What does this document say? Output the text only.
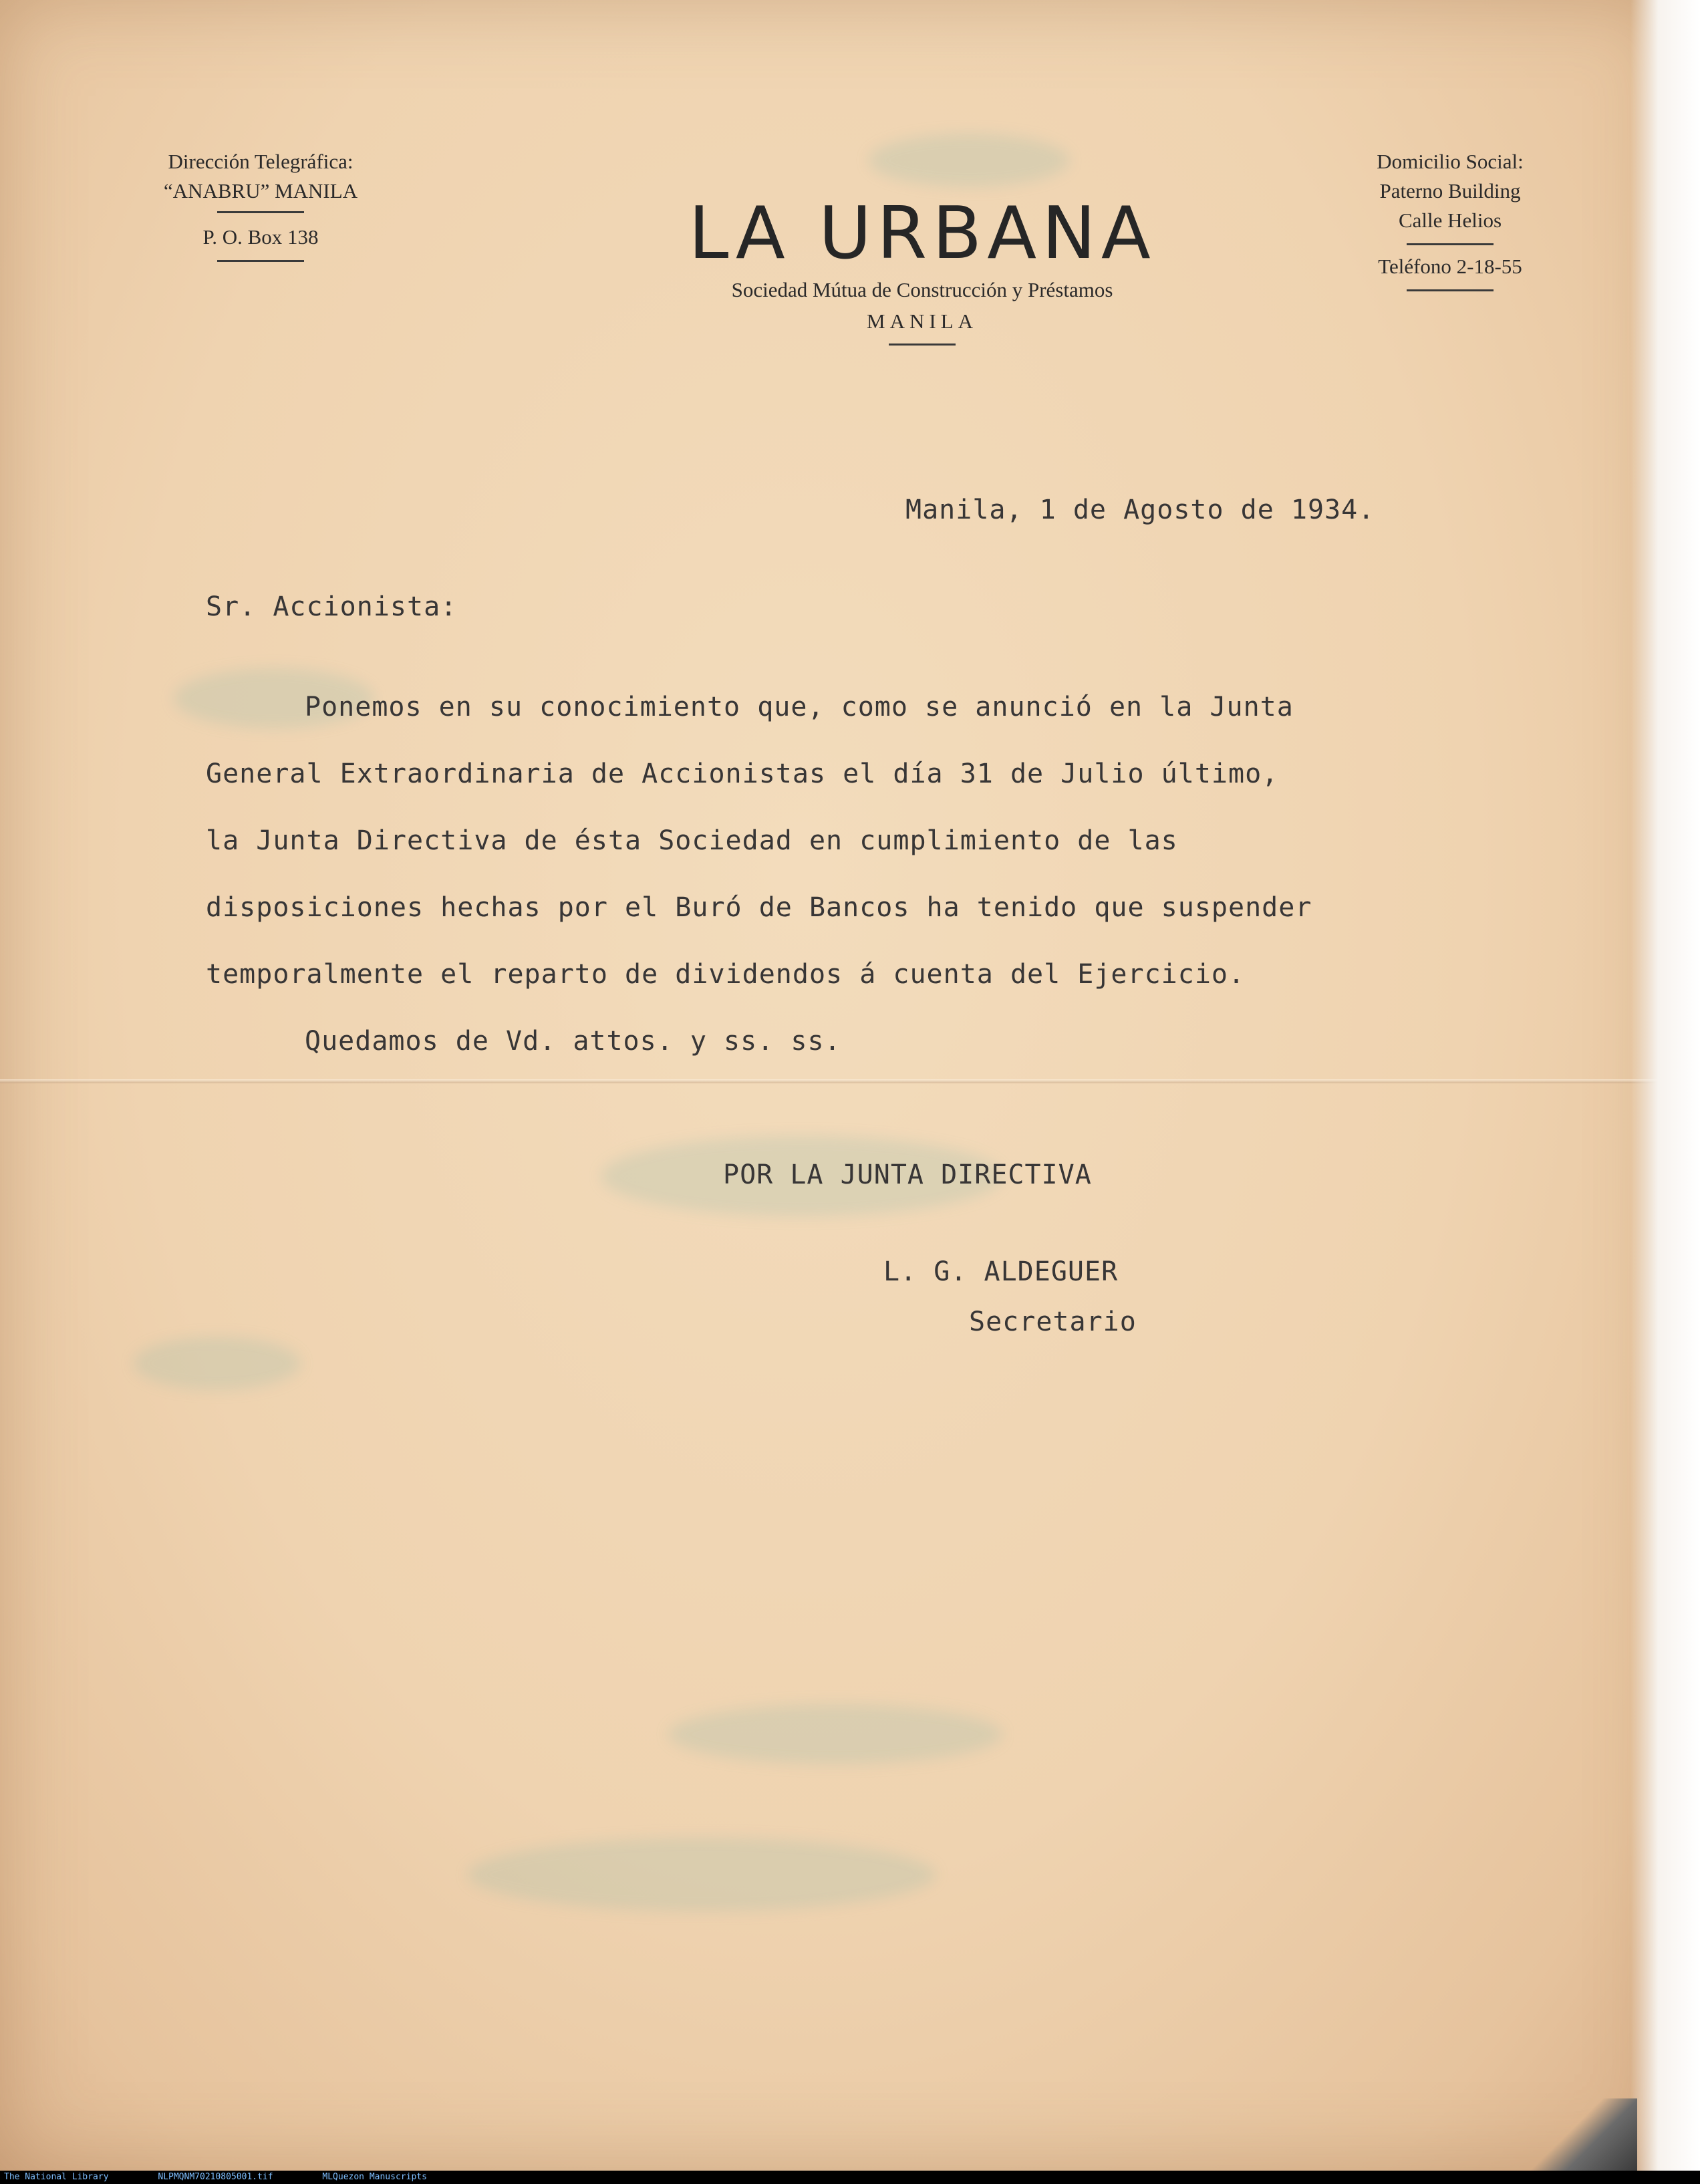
Dirección Telegráfica:
“ANABRU” MANILA
P. O. Box 138	LA URBANA
Sociedad Mútua de Construcción y Préstamos
MANILA
Domicilio Social:
Paterno Building
Calle Helios
Teléfono 2-18-55
Manila, 1 de Agosto de 1934.
Sr. Accionista:
Ponemos en su conocimiento que, como se anunció en la Junta
General Extraordinaria de Accionistas el día 31 de Julio último,
la Junta Directiva de ésta Sociedad en cumplimiento de las
disposiciones hechas por el Buró de Bancos ha tenido que suspender
temporalmente el reparto de dividendos á cuenta del Ejercicio.
Quedamos de Vd. attos. y ss. ss.
POR LA JUNTA DIRECTIVA
L. G. ALDEGUER
Secretario
The National Library	NLPMQNM70210805001.tif	MLQuezon Manuscripts
